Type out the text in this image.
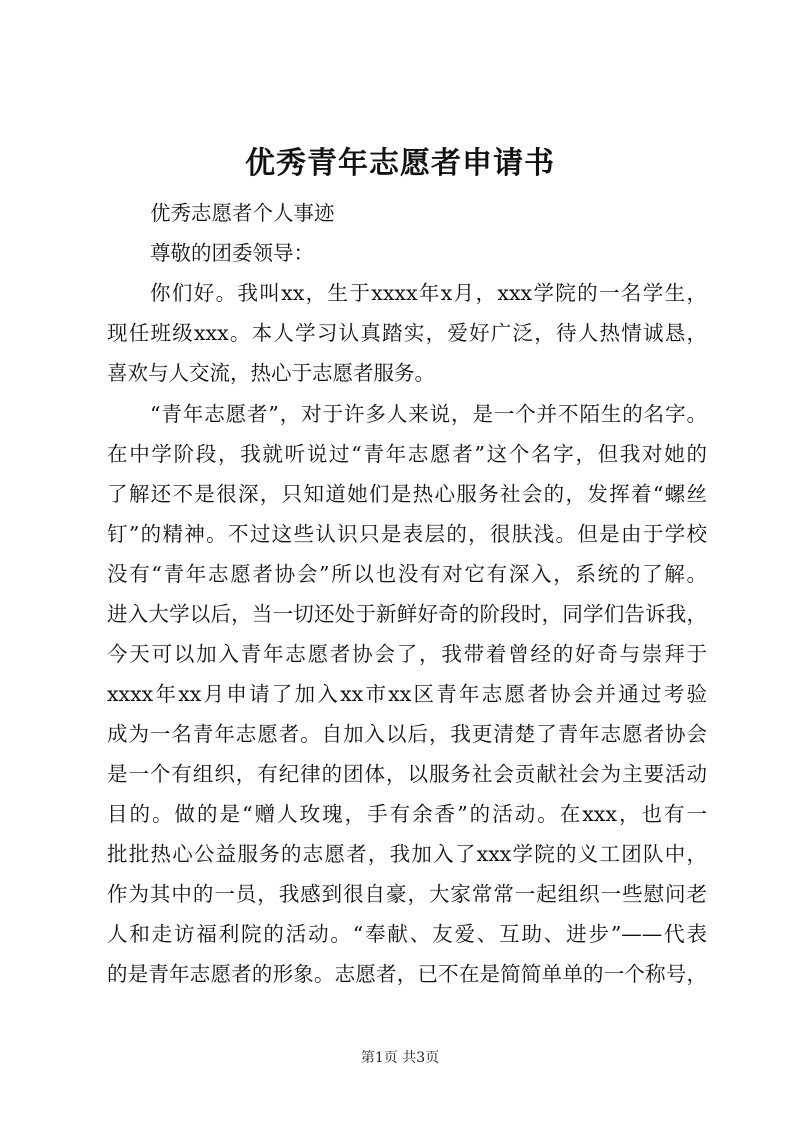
优秀青年志愿者申请书
优秀志愿者个人事迹
尊敬的团委领导：
你们好。我叫xx，生于xxxx年x月，xxx学院的一名学生，
现任班级xxx。本人学习认真踏实，爱好广泛，待人热情诚恳，
喜欢与人交流，热心于志愿者服务。
“青年志愿者”，对于许多人来说，是一个并不陌生的名字。
在中学阶段，我就听说过“青年志愿者”这个名字，但我对她的
了解还不是很深，只知道她们是热心服务社会的，发挥着“螺丝
钉”的精神。不过这些认识只是表层的，很肤浅。但是由于学校
没有“青年志愿者协会”所以也没有对它有深入，系统的了解。
进入大学以后，当一切还处于新鲜好奇的阶段时，同学们告诉我，
今天可以加入青年志愿者协会了，我带着曾经的好奇与崇拜于
xxxx年xx月申请了加入xx市xx区青年志愿者协会并通过考验
成为一名青年志愿者。自加入以后，我更清楚了青年志愿者协会
是一个有组织，有纪律的团体，以服务社会贡献社会为主要活动
目的。做的是“赠人玫瑰，手有余香”的活动。在xxx，也有一
批批热心公益服务的志愿者，我加入了xxx学院的义工团队中，
作为其中的一员，我感到很自豪，大家常常一起组织一些慰问老
人和走访福利院的活动。“奉献、友爱、互助、进步”——代表
的是青年志愿者的形象。志愿者，已不在是简简单单的一个称号，
第1页 共3页
